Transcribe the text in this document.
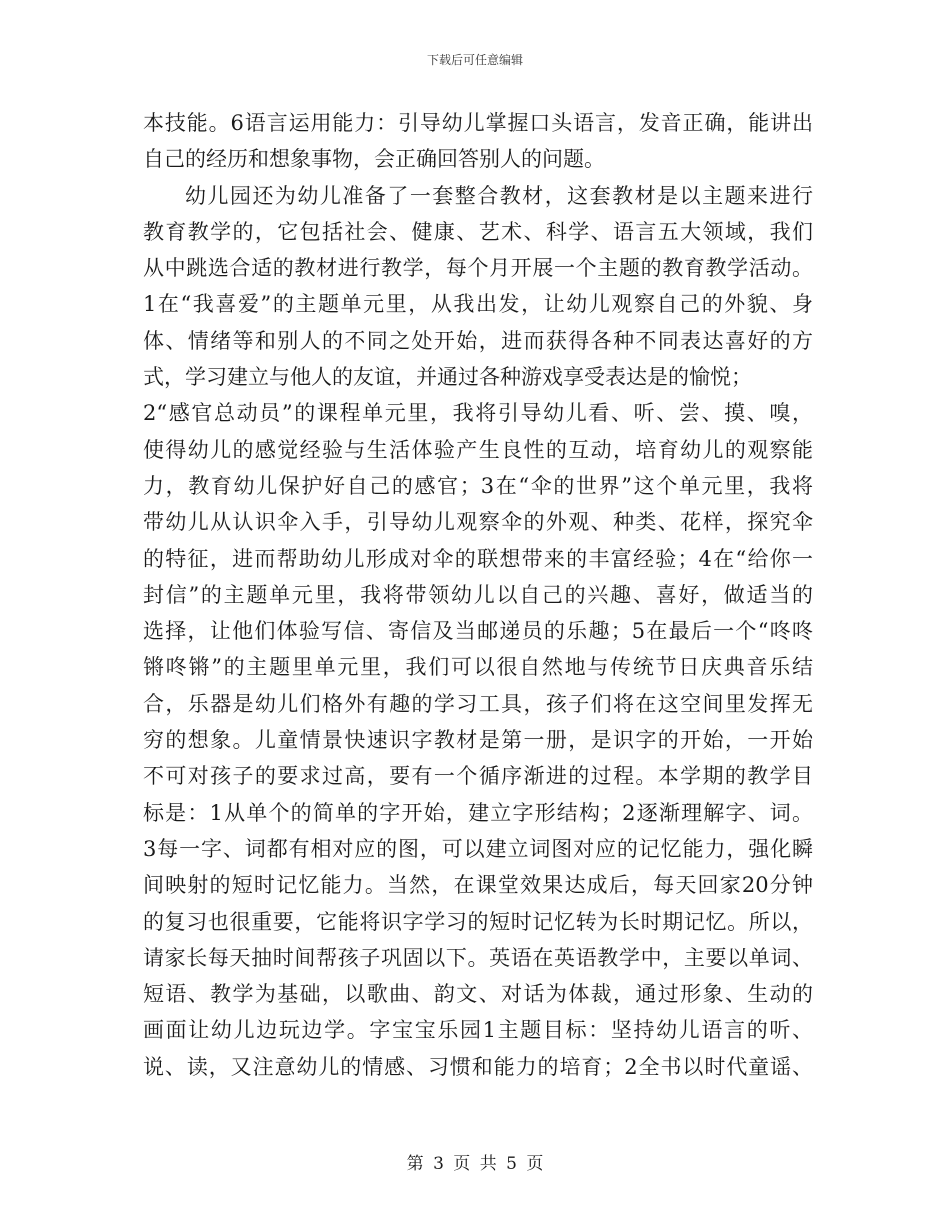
下载后可任意编辑
本技能。6语言运用能力：引导幼儿掌握口头语言，发音正确，能讲出
自己的经历和想象事物，会正确回答别人的问题。
幼儿园还为幼儿准备了一套整合教材，这套教材是以主题来进行
教育教学的，它包括社会、健康、艺术、科学、语言五大领域，我们
从中跳选合适的教材进行教学，每个月开展一个主题的教育教学活动。
1在“我喜爱”的主题单元里，从我出发，让幼儿观察自己的外貌、身
体、情绪等和别人的不同之处开始，进而获得各种不同表达喜好的方
式，学习建立与他人的友谊，并通过各种游戏享受表达是的愉悦；
2“感官总动员”的课程单元里，我将引导幼儿看、听、尝、摸、嗅，
使得幼儿的感觉经验与生活体验产生良性的互动，培育幼儿的观察能
力，教育幼儿保护好自己的感官；3在“伞的世界”这个单元里，我将
带幼儿从认识伞入手，引导幼儿观察伞的外观、种类、花样，探究伞
的特征，进而帮助幼儿形成对伞的联想带来的丰富经验；4在“给你一
封信”的主题单元里，我将带领幼儿以自己的兴趣、喜好，做适当的
选择，让他们体验写信、寄信及当邮递员的乐趣；5在最后一个“咚咚
锵咚锵”的主题里单元里，我们可以很自然地与传统节日庆典音乐结
合，乐器是幼儿们格外有趣的学习工具，孩子们将在这空间里发挥无
穷的想象。儿童情景快速识字教材是第一册，是识字的开始，一开始
不可对孩子的要求过高，要有一个循序渐进的过程。本学期的教学目
标是：1从单个的简单的字开始，建立字形结构；2逐渐理解字、词。
3每一字、词都有相对应的图，可以建立词图对应的记忆能力，强化瞬
间映射的短时记忆能力。当然，在课堂效果达成后，每天回家20分钟
的复习也很重要，它能将识字学习的短时记忆转为长时期记忆。所以，
请家长每天抽时间帮孩子巩固以下。英语在英语教学中，主要以单词、
短语、教学为基础，以歌曲、韵文、对话为体裁，通过形象、生动的
画面让幼儿边玩边学。字宝宝乐园1主题目标：坚持幼儿语言的听、
说、读，又注意幼儿的情感、习惯和能力的培育；2全书以时代童谣、
第 3 页 共 5 页
